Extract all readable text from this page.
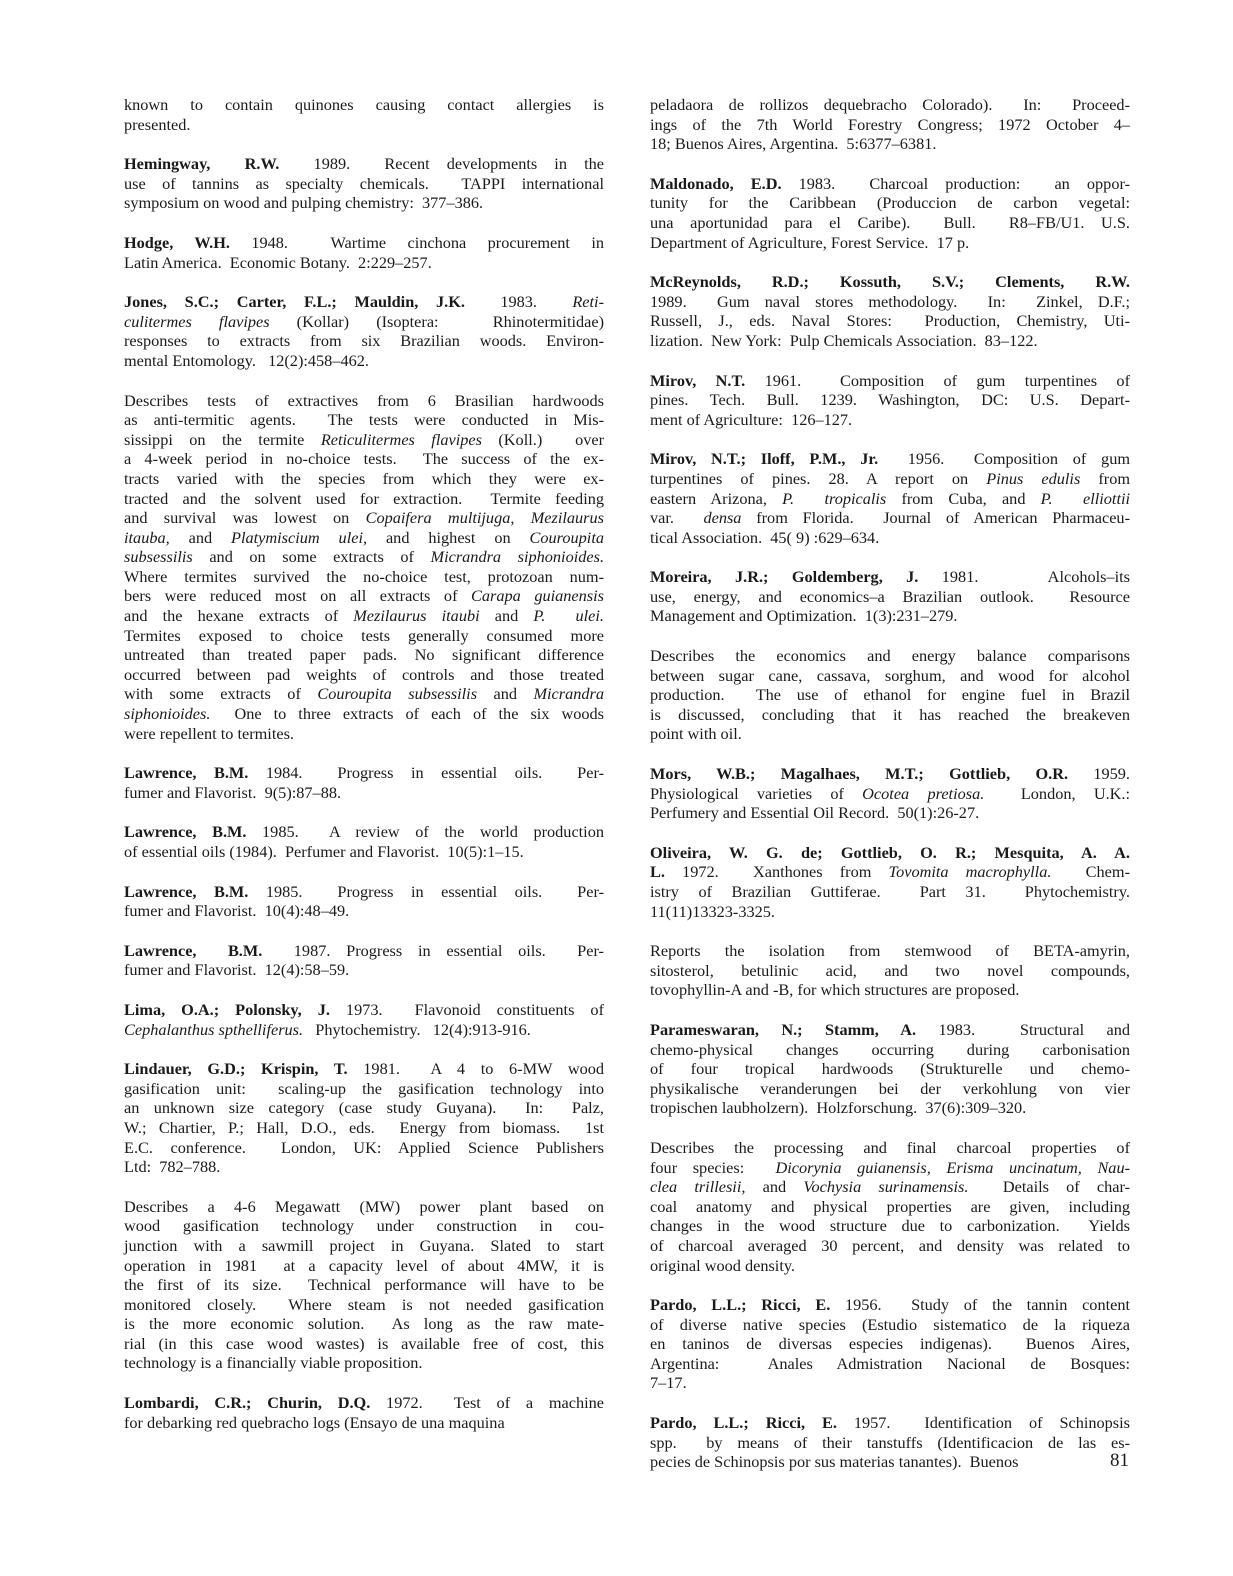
known to contain quinones causing contact allergies is
presented.
Hemingway,  R.W.  1989.  Recent developments in the
use of tannins as specialty chemicals.  TAPPI international
symposium on wood and pulping chemistry:  377–386.
Hodge, W.H. 1948.  Wartime cinchona procurement in
Latin America.  Economic Botany.  2:229–257.
Jones, S.C.; Carter, F.L.; Mauldin, J.K.  1983.  Reti-
culitermes flavipes (Kollar) (Isoptera:  Rhinotermitidae)
responses to extracts from six Brazilian woods. Environ-
mental Entomology.   12(2):458–462.
Describes tests of extractives from 6 Brasilian hardwoods
as anti-termitic agents.  The tests were conducted in Mis-
sissippi on the termite Reticulitermes flavipes (Koll.)  over
a 4-week period in no-choice tests.  The success of the ex-
tracts varied with the species from which they were ex-
tracted and the solvent used for extraction.  Termite feeding
and survival was lowest on Copaifera multijuga, Mezilaurus
itauba, and Platymiscium ulei, and highest on Couroupita
subsessilis and on some extracts of Micrandra siphonioides.
Where termites survived the no-choice test, protozoan num-
bers were reduced most on all extracts of Carapa guianensis
and the hexane extracts of Mezilaurus itaubi and P.  ulei.
Termites exposed to choice tests generally consumed more
untreated than treated paper pads. No significant difference
occurred between pad weights of controls and those treated
with some extracts of Couroupita subsessilis and Micrandra
siphonioides.  One to three extracts of each of the six woods
were repellent to termites.
Lawrence, B.M. 1984.  Progress in essential oils.  Per-
fumer and Flavorist.  9(5):87–88.
Lawrence, B.M. 1985.  A review of the world production
of essential oils (1984).  Perfumer and Flavorist.  10(5):1–15.
Lawrence, B.M. 1985.  Progress in essential oils.  Per-
fumer and Flavorist.  10(4):48–49.
Lawrence,  B.M.  1987. Progress in essential oils.  Per-
fumer and Flavorist.  12(4):58–59.
Lima, O.A.; Polonsky, J. 1973.  Flavonoid constituents of
Cephalanthus spthelliferus.   Phytochemistry.   12(4):913-916.
Lindauer, G.D.; Krispin, T. 1981.  A 4 to 6-MW wood
gasification unit:  scaling-up the gasification technology into
an unknown size category (case study Guyana).  In:  Palz,
W.; Chartier, P.; Hall, D.O., eds.  Energy from biomass.  1st
E.C. conference.  London, UK: Applied Science Publishers
Ltd:  782–788.
Describes a 4-6 Megawatt (MW) power plant based on
wood gasification technology under construction in cou-
junction with a sawmill project in Guyana. Slated to start
operation in 1981  at a capacity level of about 4MW, it is
the first of its size.  Technical performance will have to be
monitored closely.  Where steam is not needed gasification
is the more economic solution.  As long as the raw mate-
rial (in this case wood wastes) is available free of cost, this
technology is a financially viable proposition.
Lombardi, C.R.; Churin, D.Q. 1972.  Test of a machine
for debarking red quebracho logs (Ensayo de una maquina
peladaora de rollizos dequebracho Colorado).  In:  Proceed-
ings of the 7th World Forestry Congress; 1972 October 4–
18; Buenos Aires, Argentina.  5:6377–6381.
Maldonado, E.D. 1983.  Charcoal production:  an oppor-
tunity for the Caribbean (Produccion de carbon vegetal:
una aportunidad para el Caribe).  Bull.  R8–FB/U1. U.S.
Department of Agriculture, Forest Service.  17 p.
McReynolds, R.D.; Kossuth, S.V.; Clements, R.W.
1989.  Gum naval stores methodology.  In:  Zinkel, D.F.;
Russell, J., eds. Naval Stores:  Production, Chemistry, Uti-
lization.  New York:  Pulp Chemicals Association.  83–122.
Mirov, N.T. 1961.  Composition of gum turpentines of
pines. Tech. Bull. 1239. Washington, DC: U.S. Depart-
ment of Agriculture:  126–127.
Mirov, N.T.; Iloff, P.M., Jr.  1956.  Composition of gum
turpentines of pines. 28. A report on Pinus edulis from
eastern Arizona, P.  tropicalis from Cuba, and P.  elliottii
var.  densa from Florida.  Journal of American Pharmaceu-
tical Association.  45( 9) :629–634.
Moreira, J.R.; Goldemberg, J. 1981.   Alcohols–its
use, energy, and economics–a Brazilian outlook.  Resource
Management and Optimization.  1(3):231–279.
Describes the economics and energy balance comparisons
between sugar cane, cassava, sorghum, and wood for alcohol
production.  The use of ethanol for engine fuel in Brazil
is discussed, concluding that it has reached the breakeven
point with oil.
Mors, W.B.; Magalhaes, M.T.; Gottlieb, O.R. 1959.
Physiological varieties of Ocotea pretiosa.  London, U.K.:
Perfumery and Essential Oil Record.  50(1):26-27.
Oliveira, W. G. de; Gottlieb, O. R.; Mesquita, A. A.
L. 1972.  Xanthones from Tovomita macrophylla.  Chem-
istry of Brazilian Guttiferae.  Part 31.  Phytochemistry.
11(11)13323-3325.
Reports the isolation from stemwood of BETA-amyrin,
sitosterol, betulinic acid, and two novel compounds,
tovophyllin-A and -B, for which structures are proposed.
Parameswaran, N.; Stamm, A. 1983.  Structural and
chemo-physical changes occurring during carbonisation
of four tropical hardwoods (Strukturelle und chemo-
physikalische veranderungen bei der verkohlung von vier
tropischen laubholzern).  Holzforschung.  37(6):309–320.
Describes the processing and final charcoal properties of
four species:  Dicorynia guianensis, Erisma uncinatum, Nau-
clea trillesii, and Vochysia surinamensis.  Details of char-
coal anatomy and physical properties are given, including
changes in the wood structure due to carbonization.  Yields
of charcoal averaged 30 percent, and density was related to
original wood density.
Pardo, L.L.; Ricci, E. 1956.  Study of the tannin content
of diverse native species (Estudio sistematico de la riqueza
en taninos de diversas especies indigenas).  Buenos Aires,
Argentina:  Anales Admistration Nacional de Bosques:
7–17.
Pardo, L.L.; Ricci, E. 1957.  Identification of Schinopsis
spp.  by means of their tanstuffs (Identificacion de las es-
pecies de Schinopsis por sus materias tanantes).  Buenos	81
